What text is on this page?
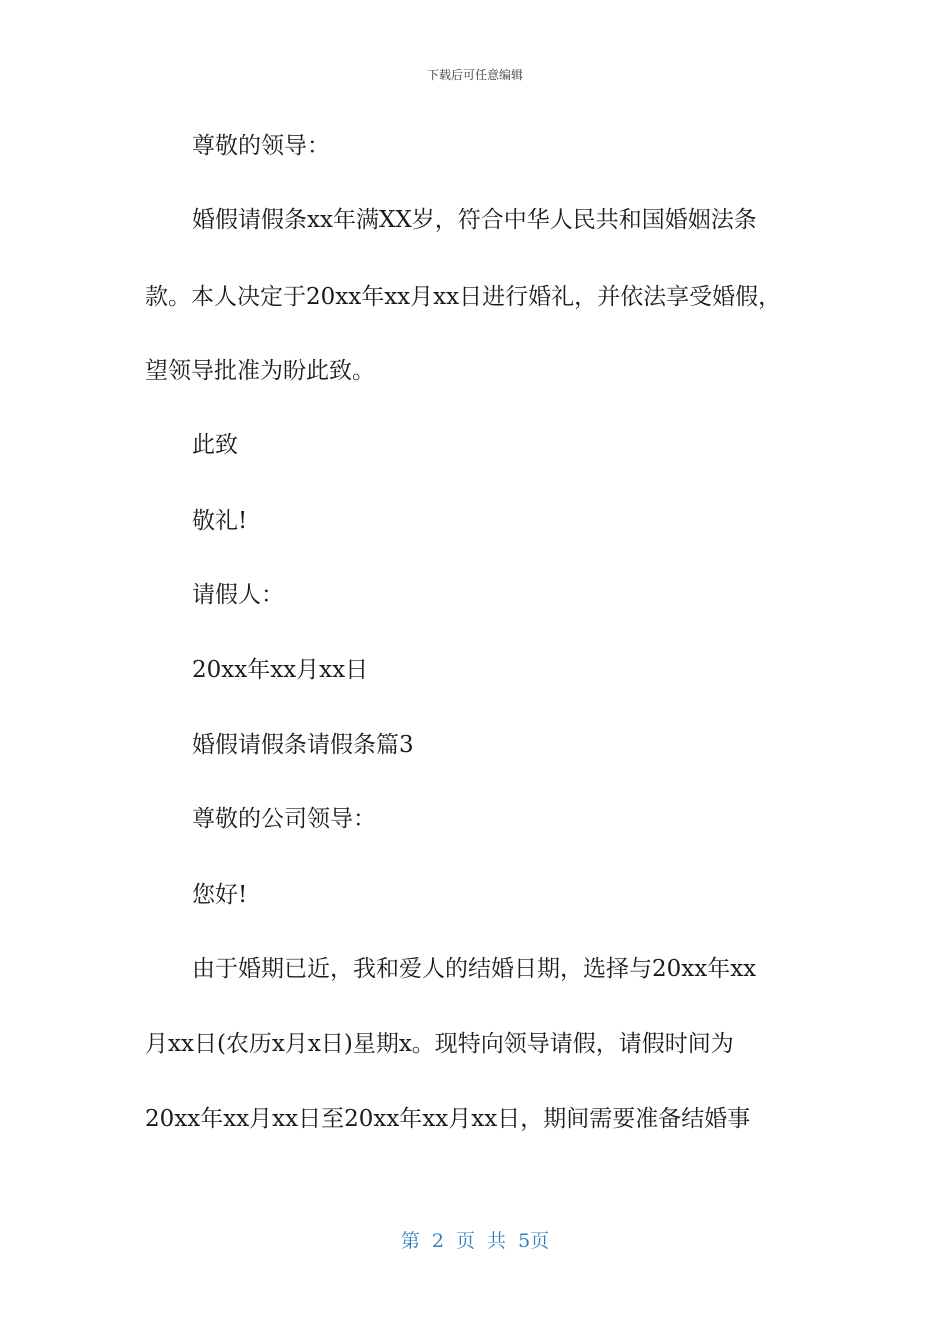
下载后可任意编辑
尊敬的领导：
婚假请假条xx年满XX岁，符合中华人民共和国婚姻法条
款。本人决定于20xx年xx月xx日进行婚礼，并依法享受婚假，
望领导批准为盼此致。
此致
敬礼!
请假人：
20xx年xx月xx日
婚假请假条请假条篇3
尊敬的公司领导：
您好!
由于婚期已近，我和爱人的结婚日期，选择与20xx年xx
月xx日(农历x月x日)星期x。现特向领导请假，请假时间为
20xx年xx月xx日至20xx年xx月xx日，期间需要准备结婚事
第 2 页 共 5页
